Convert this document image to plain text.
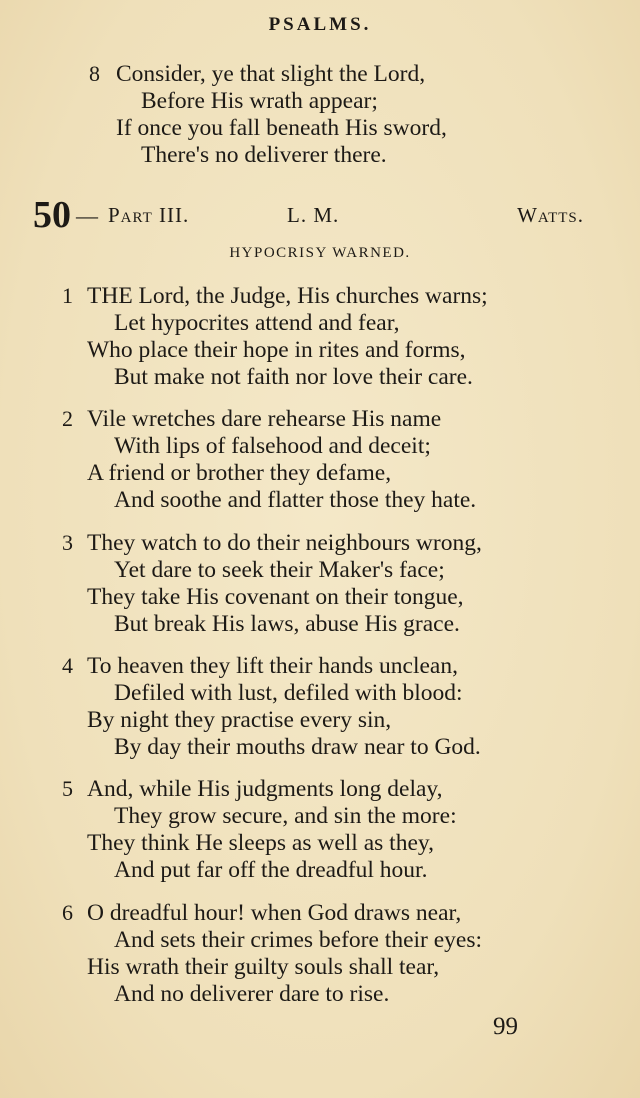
PSALMS.
8 Consider, ye that slight the Lord,
Before His wrath appear;
If once you fall beneath His sword,
There's no deliverer there.
50 — Part III.	L. M.	Watts.
HYPOCRISY WARNED.
1 THE Lord, the Judge, His churches warns;
Let hypocrites attend and fear,
Who place their hope in rites and forms,
But make not faith nor love their care.
2 Vile wretches dare rehearse His name
With lips of falsehood and deceit;
A friend or brother they defame,
And soothe and flatter those they hate.
3 They watch to do their neighbours wrong,
Yet dare to seek their Maker's face;
They take His covenant on their tongue,
But break His laws, abuse His grace.
4 To heaven they lift their hands unclean,
Defiled with lust, defiled with blood:
By night they practise every sin,
By day their mouths draw near to God.
5 And, while His judgments long delay,
They grow secure, and sin the more:
They think He sleeps as well as they,
And put far off the dreadful hour.
6 O dreadful hour! when God draws near,
And sets their crimes before their eyes:
His wrath their guilty souls shall tear,
And no deliverer dare to rise.
99
